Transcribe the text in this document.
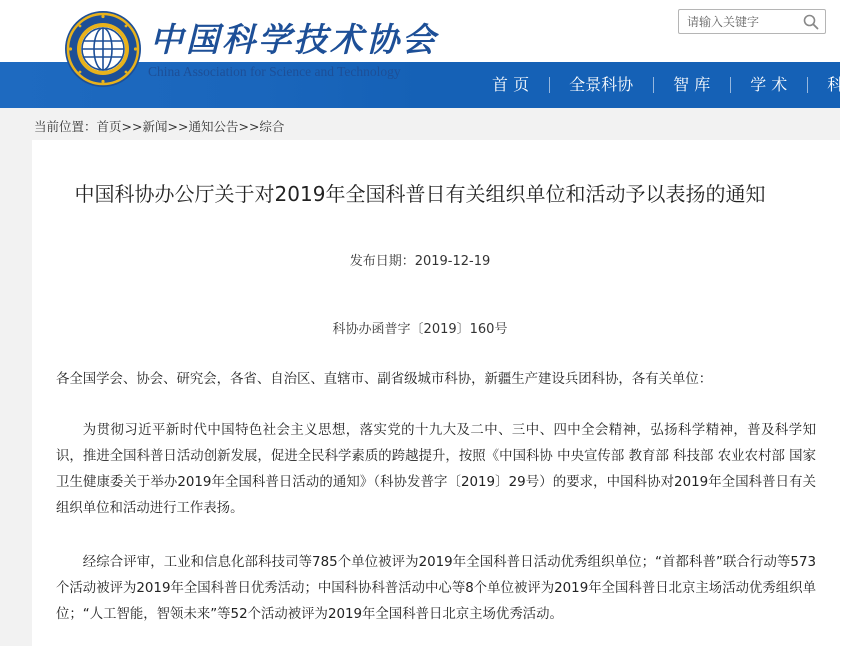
中国科学技术协会
请输入关键字
首 页	全景科协	智 库	学 术	科
China Association for Science and Technology
当前位置：首页>>新闻>>通知公告>>综合
中国科协办公厅关于对2019年全国科普日有关组织单位和活动予以表扬的通知
发布日期：2019-12-19
科协办函普字〔2019〕160号

各全国学会、协会、研究会，各省、自治区、直辖市、副省级城市科协，新疆生产建设兵团科协，各有关单位：

为贯彻习近平新时代中国特色社会主义思想，落实党的十九大及二中、三中、四中全会精神，弘扬科学精神，普及科学知识，推进全国科普日活动创新发展，促进全民科学素质的跨越提升，按照《中国科协 中央宣传部 教育部 科技部 农业农村部 国家卫生健康委关于举办2019年全国科普日活动的通知》（科协发普字〔2019〕29号）的要求，中国科协对2019年全国科普日有关组织单位和活动进行工作表扬。

经综合评审，工业和信息化部科技司等785个单位被评为2019年全国科普日活动优秀组织单位；“首都科普”联合行动等573个活动被评为2019年全国科普日优秀活动；中国科协科普活动中心等8个单位被评为2019年全国科普日北京主场活动优秀组织单位；“人工智能，智领未来”等52个活动被评为2019年全国科普日北京主场优秀活动。
